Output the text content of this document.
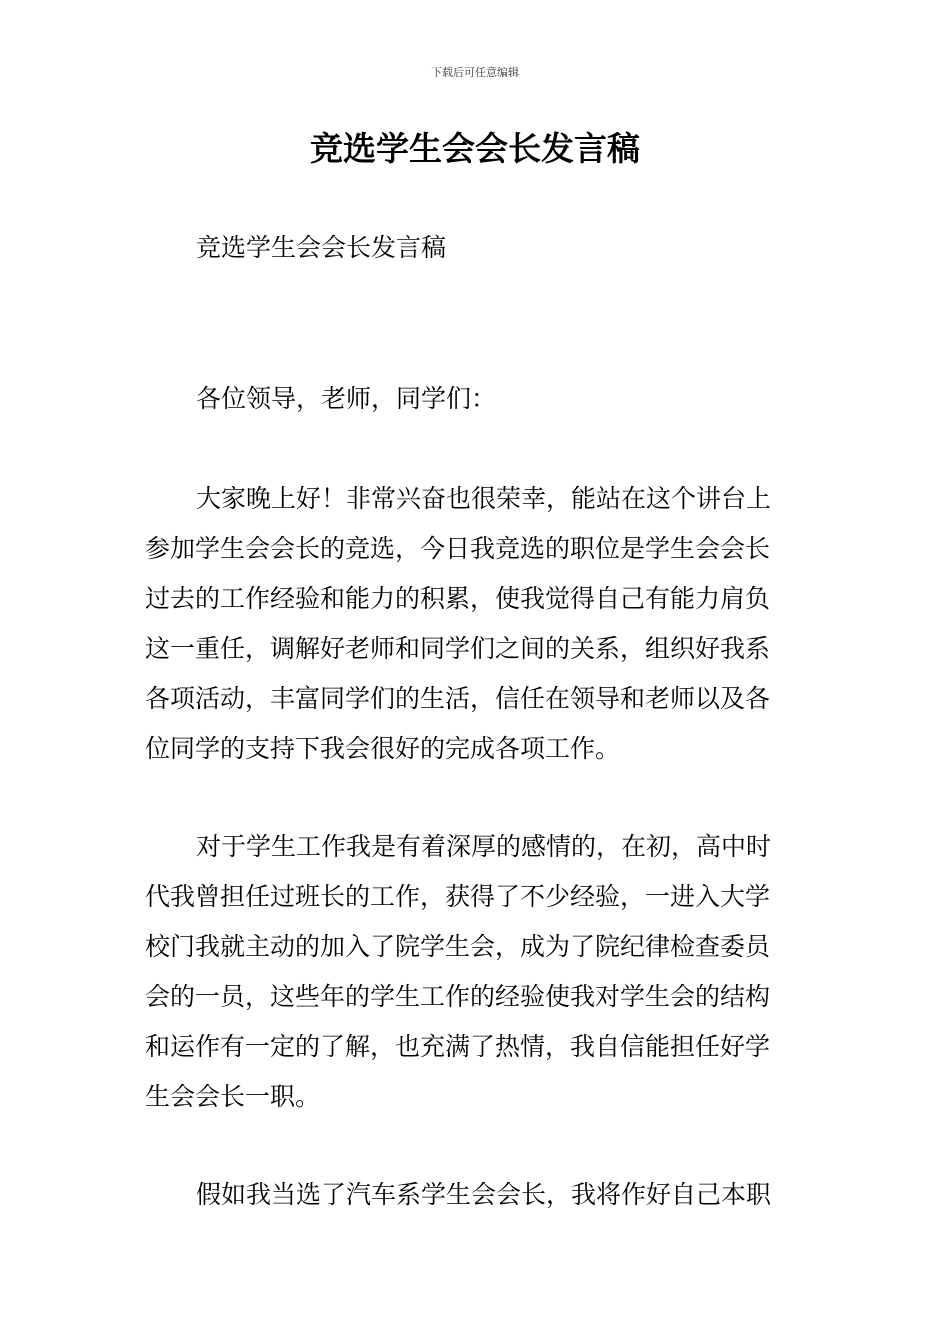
下载后可任意编辑
竞选学生会会长发言稿

竞选学生会会长发言稿

各位领导，老师，同学们：

大家晚上好！非常兴奋也很荣幸，能站在这个讲台上
参加学生会会长的竞选，今日我竞选的职位是学生会会长
过去的工作经验和能力的积累，使我觉得自己有能力肩负
这一重任，调解好老师和同学们之间的关系，组织好我系
各项活动，丰富同学们的生活，信任在领导和老师以及各
位同学的支持下我会很好的完成各项工作。
对于学生工作我是有着深厚的感情的，在初，高中时
代我曾担任过班长的工作，获得了不少经验，一进入大学
校门我就主动的加入了院学生会，成为了院纪律检查委员
会的一员，这些年的学生工作的经验使我对学生会的结构
和运作有一定的了解，也充满了热情，我自信能担任好学
生会会长一职。
假如我当选了汽车系学生会会长，我将作好自己本职
